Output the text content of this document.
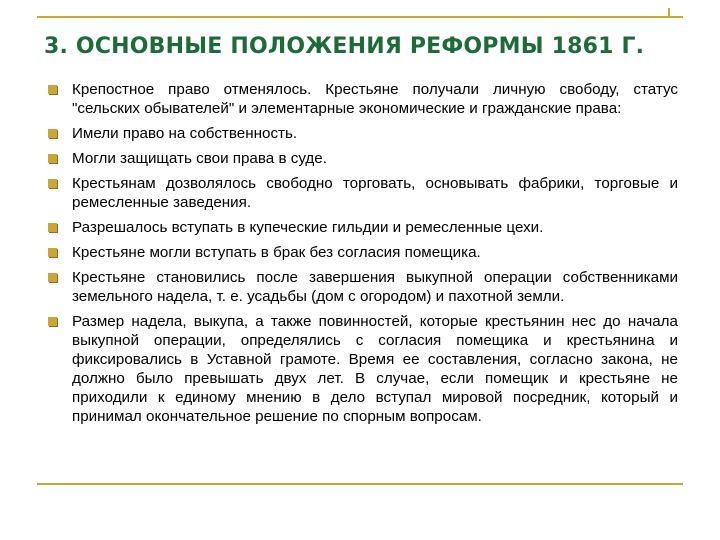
3. ОСНОВНЫЕ ПОЛОЖЕНИЯ РЕФОРМЫ 1861 Г.
Крепостное право отменялось. Крестьяне получали личную свободу, статус "сельских обывателей" и элементарные экономические и гражданские права:
Имели право на собственность.
Могли защищать свои права в суде.
Крестьянам дозволялось свободно торговать, основывать фабрики, торговые и ремесленные заведения.
Разрешалось вступать в купеческие гильдии и ремесленные цехи.
Крестьяне могли вступать в брак без согласия помещика.
Крестьяне становились после завершения выкупной операции собственниками земельного надела, т. е. усадьбы (дом с огородом) и пахотной земли.
Размер надела, выкупа, а также повинностей, которые крестьянин нес до начала выкупной операции, определялись с согласия помещика и крестьянина и фиксировались в Уставной грамоте. Время ее составления, согласно закона, не должно было превышать двух лет. В случае, если помещик и крестьяне не приходили к единому мнению в дело вступал мировой посредник, который и принимал окончательное решение по спорным вопросам.
